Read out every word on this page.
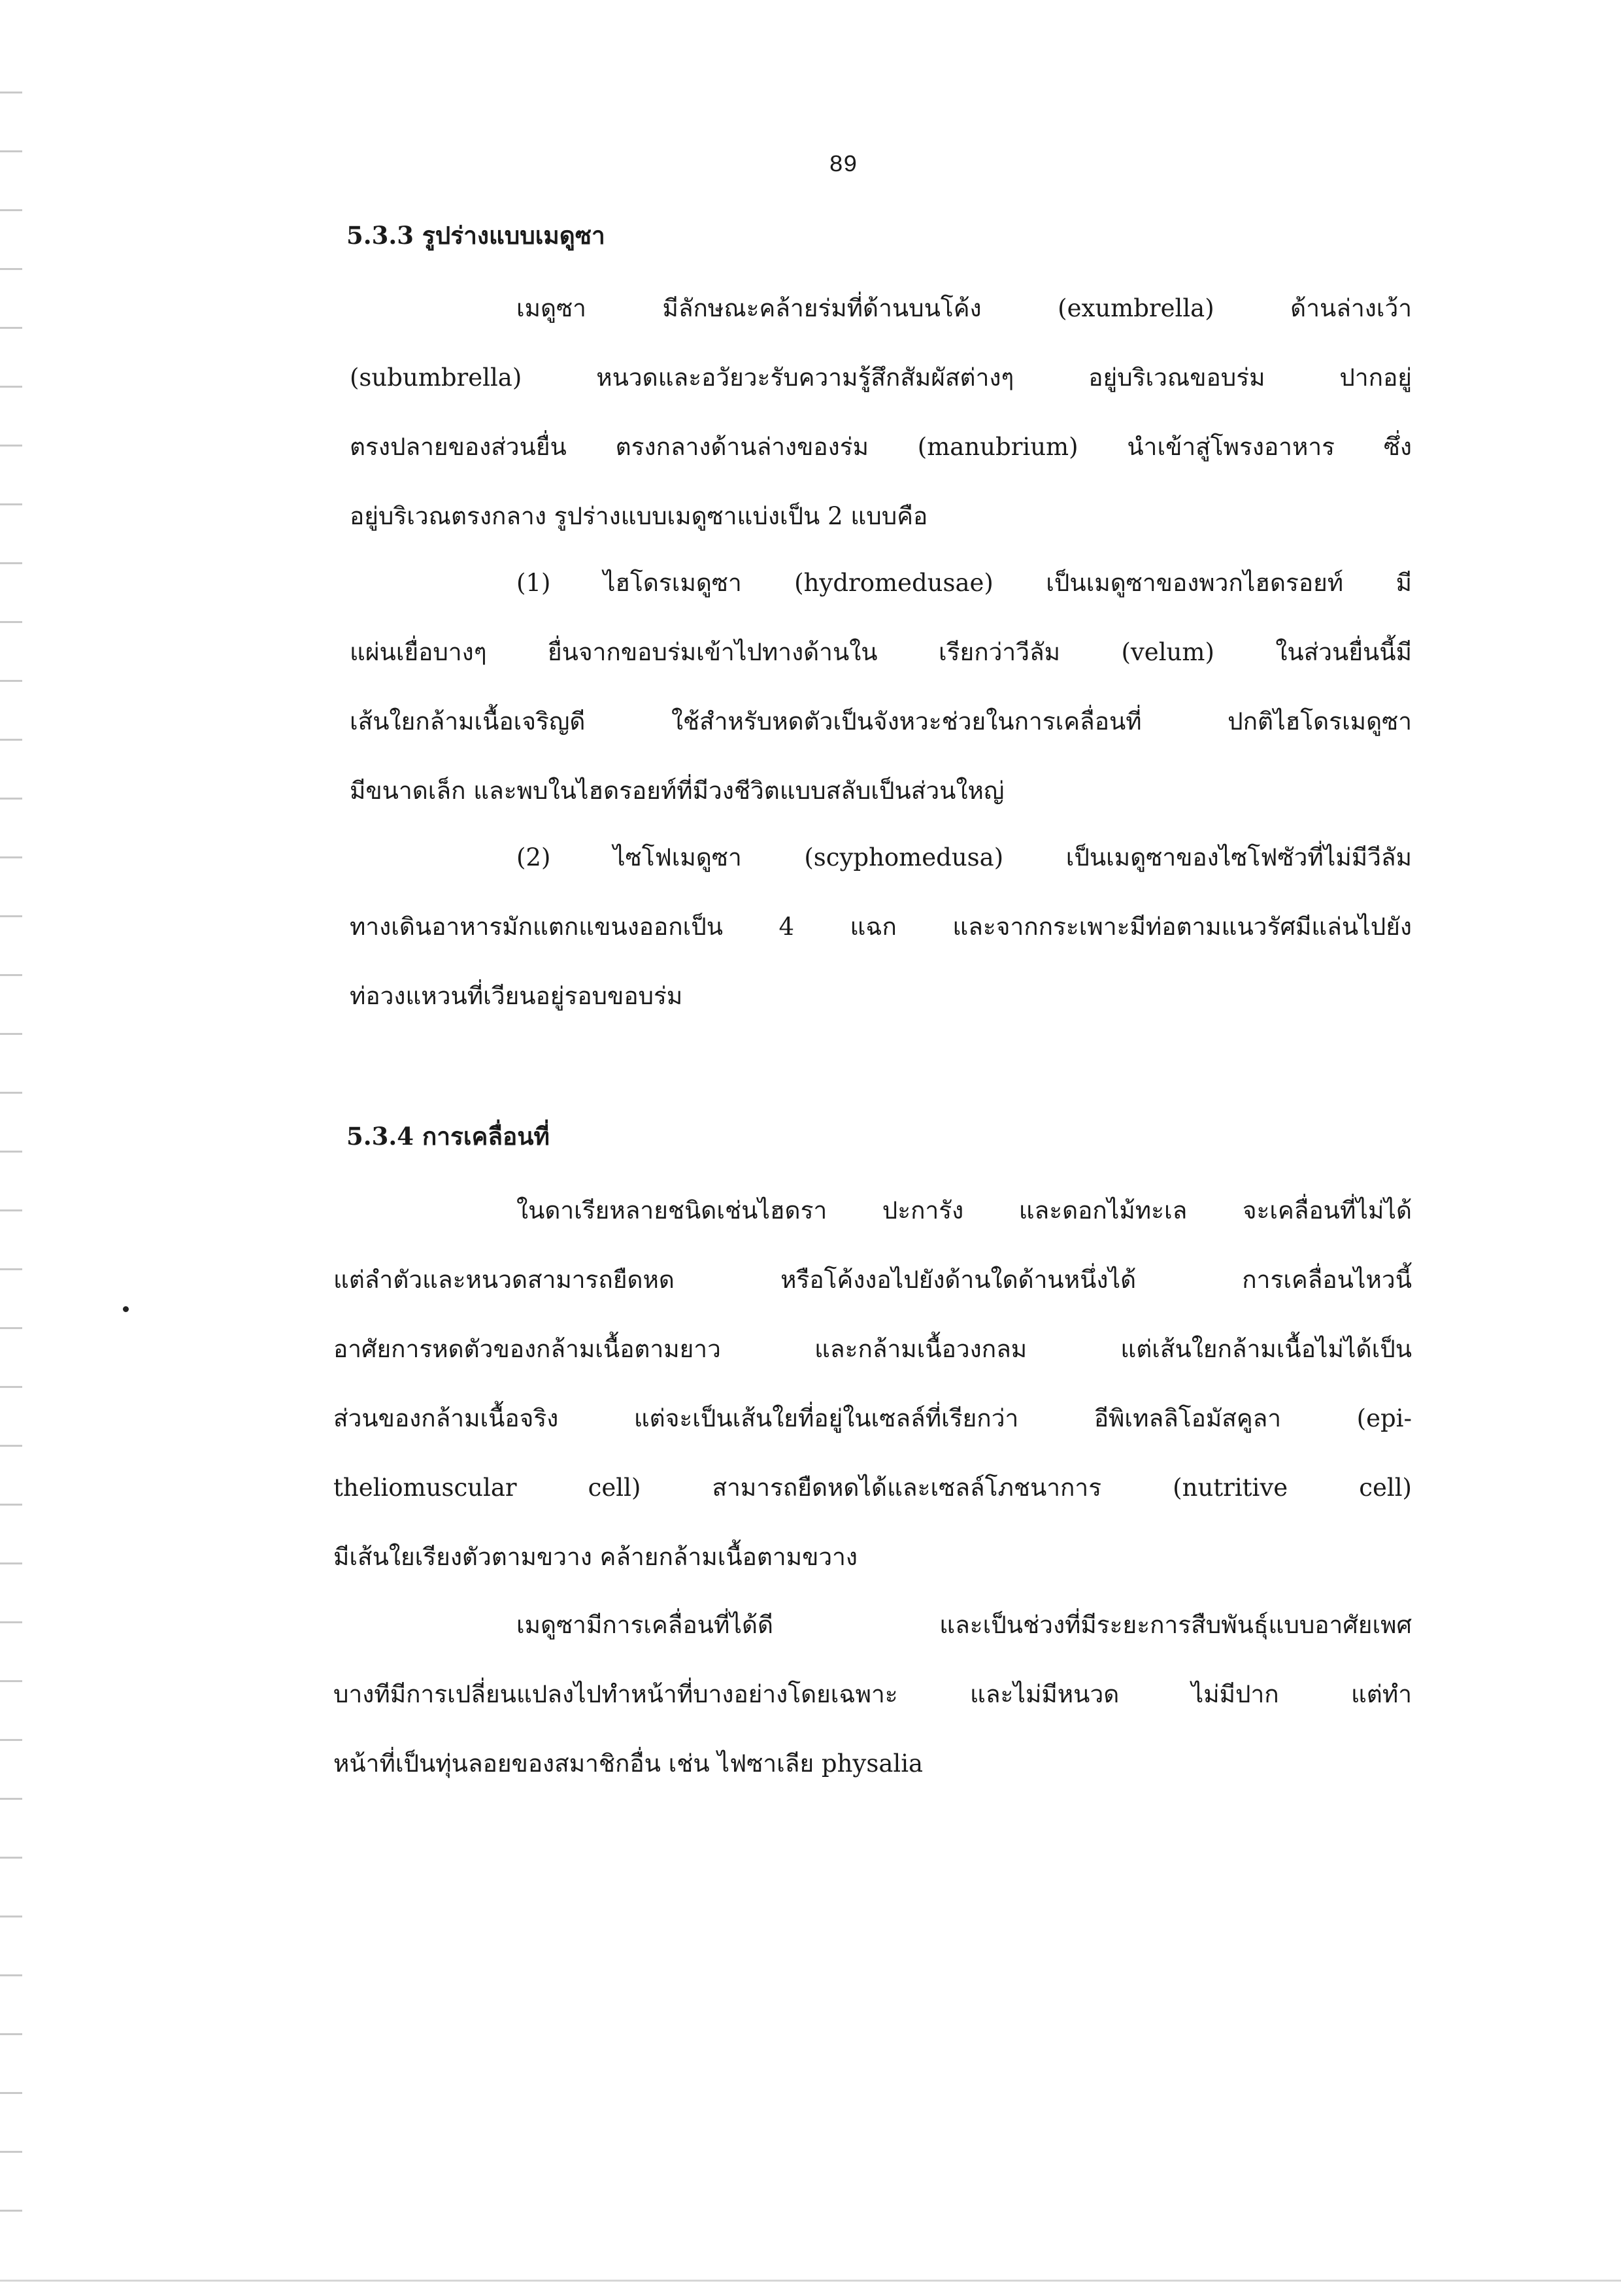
89
5.3.3 รูปร่างแบบเมดูซา
เมดูซา มีลักษณะคล้ายร่มที่ด้านบนโค้ง (exumbrella) ด้านล่างเว้า
(subumbrella) หนวดและอวัยวะรับความรู้สึกสัมผัสต่างๆ อยู่บริเวณขอบร่ม ปากอยู่
ตรงปลายของส่วนยื่น ตรงกลางด้านล่างของร่ม (manubrium) นำเข้าสู่โพรงอาหาร ซึ่ง
อยู่บริเวณตรงกลาง รูปร่างแบบเมดูซาแบ่งเป็น 2 แบบคือ
(1) ไฮโดรเมดูซา (hydromedusae) เป็นเมดูซาของพวกไฮดรอยท์ มี
แผ่นเยื่อบางๆ ยื่นจากขอบร่มเข้าไปทางด้านใน เรียกว่าวีลัม (velum) ในส่วนยื่นนี้มี
เส้นใยกล้ามเนื้อเจริญดี ใช้สำหรับหดตัวเป็นจังหวะช่วยในการเคลื่อนที่ ปกติไฮโดรเมดูซา
มีขนาดเล็ก และพบในไฮดรอยท์ที่มีวงชีวิตแบบสลับเป็นส่วนใหญ่
(2) ไซโฟเมดูซา (scyphomedusa) เป็นเมดูซาของไซโฟซัวที่ไม่มีวีลัม
ทางเดินอาหารมักแตกแขนงออกเป็น 4 แฉก และจากกระเพาะมีท่อตามแนวรัศมีแล่นไปยัง
ท่อวงแหวนที่เวียนอยู่รอบขอบร่ม
5.3.4 การเคลื่อนที่
ในดาเรียหลายชนิดเช่นไฮดรา ปะการัง และดอกไม้ทะเล จะเคลื่อนที่ไม่ได้
แต่ลำตัวและหนวดสามารถยืดหด หรือโค้งงอไปยังด้านใดด้านหนึ่งได้ การเคลื่อนไหวนี้
อาศัยการหดตัวของกล้ามเนื้อตามยาว และกล้ามเนื้อวงกลม แต่เส้นใยกล้ามเนื้อไม่ได้เป็น
ส่วนของกล้ามเนื้อจริง แต่จะเป็นเส้นใยที่อยู่ในเซลล์ที่เรียกว่า อีพิเทลลิโอมัสคูลา (epi-
theliomuscular cell) สามารถยืดหดได้และเซลล์โภชนาการ (nutritive cell)
มีเส้นใยเรียงตัวตามขวาง คล้ายกล้ามเนื้อตามขวาง
เมดูซามีการเคลื่อนที่ได้ดี และเป็นช่วงที่มีระยะการสืบพันธุ์แบบอาศัยเพศ
บางทีมีการเปลี่ยนแปลงไปทำหน้าที่บางอย่างโดยเฉพาะ และไม่มีหนวด ไม่มีปาก แต่ทำ
หน้าที่เป็นทุ่นลอยของสมาชิกอื่น เช่น ไฟซาเลีย physalia
